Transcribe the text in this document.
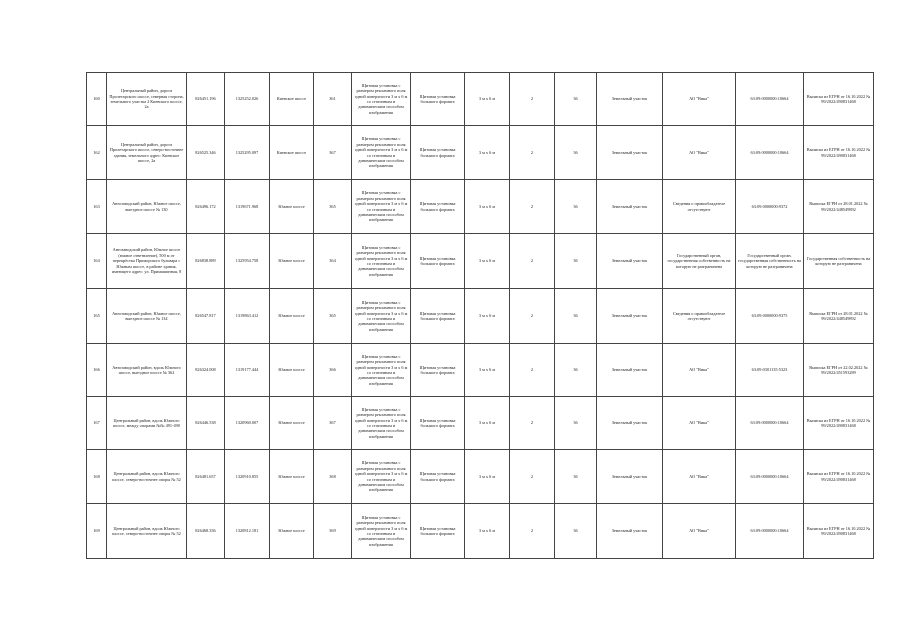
160	Центральный район, дорога Пролетарского шоссе, северная сторона, земельного участка 2 Киевского шоссе, 2а	826451.196	1325252.026	Киевское шоссе	361	Щитовая установка с размером рекламного поля одной поверхности 3 м x 6 м со статичным и динамическим способом изображения	Щитовая установка большого формата	3 м x 6 м	2	36	Земельный участок	АО "Вика"	63:09:0000000:10664	Выписка из ЕГРН от 16.10.2022 № 99/2022/490831468
162	Центральный район, дорога Пролетарского шоссе, северо-восточнее здания, земельного адрес: Киевское шоссе, 2а	826525.346	1325295.097	Киевское шоссе	367	Щитовая установка с размером рекламного поля одной поверхности 3 м x 6 м со статичным и динамическим способом изображения	Щитовая установка большого формата	3 м x 6 м	2	36	Земельный участок	АО "Вика"	63:09:0000000:10664	Выписка из ЕГРН от 16.10.2022 № 99/2022/490831468
163	Автозаводский район, Южное шоссе, выездное шоссе № 130	826496.172	1319671.968	Южное шоссе	365	Щитовая установка с размером рекламного поля одной поверхности 3 м x 6 м со статичным и динамическим способом изображения	Щитовая установка большого формата	3 м x 6 м	2	36	Земельный участок	Сведения о правообладателе отсутствуют	63:09:0000000:9372	Выписка ЕГРН от 28.01.2022 № 99/2022/448549892
164	Автозаводский район, Южное шоссе (южное ответвление), 500 м от перекрёстка Приморского бульвара с Южным шоссе, в районе здания, имеющего адрес: ул. Примашинная, 8	826838.889	1325954.758	Южное шоссе	364	Щитовая установка с размером рекламного поля одной поверхности 3 м x 6 м со статичным и динамическим способом изображения	Щитовая установка большого формата	3 м x 6 м	2	36	Земельный участок	Государственный орган, государственная собственность на которую не разграничена	Государственный орган, государственная собственность на которую не разграничена	Государственная собственность на которую не разграничена
165	Автозаводский район, Южное шоссе, выездное шоссе № 134	826547.817	1319863.412	Южное шоссе	365	Щитовая установка с размером рекламного поля одной поверхности 3 м x 6 м со статичным и динамическим способом изображения	Щитовая установка большого формата	3 м x 6 м	2	36	Земельный участок	Сведения о правообладателе отсутствуют	63:09:0000000:9375	Выписка ЕГРН от 28.01.2022 № 99/2022/448549892
166	Автозаводский район, вдоль Южного шоссе, выездное шоссе № 362	826324.008	1319177.444	Южное шоссе	366	Щитовая установка с размером рекламного поля одной поверхности 3 м x 6 м со статичным и динамическим способом изображения	Щитовая установка большого формата	3 м x 6 м	2	36	Земельный участок	АО "Вика"	63:09:0301135:5323	Выписка ЕГРН от 22.02.2022 № 99/2022/451593289
167	Центральный район, вдоль Южного шоссе, между опорами №№ 491-490	826446.538	1320960.007	Южное шоссе	367	Щитовая установка с размером рекламного поля одной поверхности 3 м x 6 м со статичным и динамическим способом изображения	Щитовая установка большого формата	3 м x 6 м	2	36	Земельный участок	АО "Вика"	63:09:0000000:10664	Выписка из ЕГРН от 16.10.2022 № 99/2022/490831468
168	Центральный район, вдоль Южного шоссе, северо-восточнее опоры № 52	826481.657	1320910.855	Южное шоссе	368	Щитовая установка с размером рекламного поля одной поверхности 3 м x 6 м со статичным и динамическим способом изображения	Щитовая установка большого формата	3 м x 6 м	2	36	Земельный участок	АО "Вика"	63:09:0000000:10664	Выписка из ЕГРН от 16.10.2022 № 99/2022/490831468
169	Центральный район, вдоль Южного шоссе, северо-восточнее опоры № 52	826468.336	1320812.181	Южное шоссе	369	Щитовая установка с размером рекламного поля одной поверхности 3 м x 6 м со статичным и динамическим способом изображения	Щитовая установка большого формата	3 м x 6 м	2	36	Земельный участок	АО "Вика"	63:09:0000000:10664	Выписка из ЕГРН от 16.10.2022 № 99/2022/490831468
